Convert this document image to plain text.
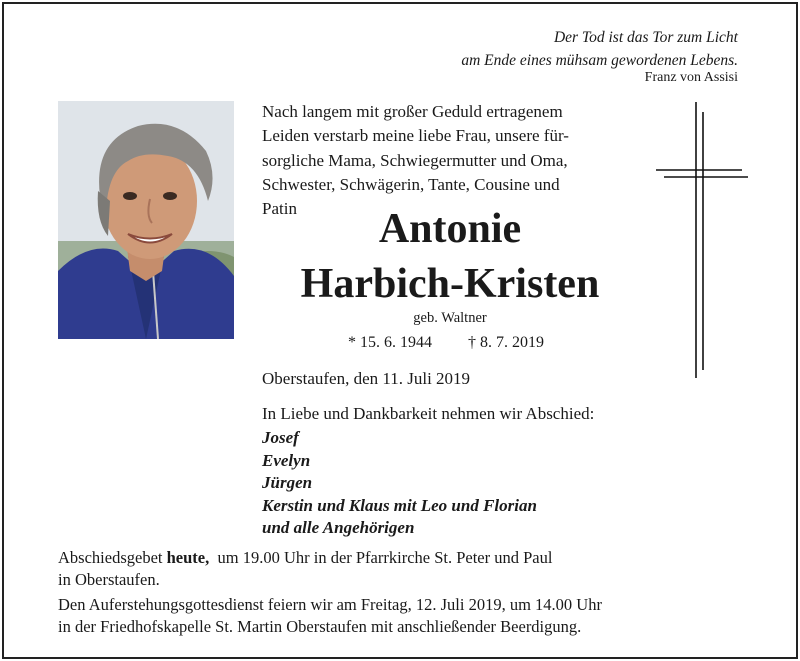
Der Tod ist das Tor zum Licht
am Ende eines mühsam gewordenen Lebens.
Franz von Assisi
Nach langem mit großer Geduld ertragenem
Leiden verstarb meine liebe Frau, unsere für-
sorgliche Mama, Schwiegermutter und Oma,
Schwester, Schwägerin, Tante, Cousine und
Patin	Antonie
Harbich-Kristen
geb. Waltner
* 15. 6. 1944 † 8. 7. 2019
Oberstaufen, den 11. Juli 2019
In Liebe und Dankbarkeit nehmen wir Abschied:
Josef
Evelyn
Jürgen
Kerstin und Klaus mit Leo und Florian
und alle Angehörigen
Abschiedsgebet heute,  um 19.00 Uhr in der Pfarrkirche St. Peter und Paul
in Oberstaufen.
Den Auferstehungsgottesdienst feiern wir am Freitag, 12. Juli 2019, um 14.00 Uhr
in der Friedhofskapelle St. Martin Oberstaufen mit anschließender Beerdigung.
